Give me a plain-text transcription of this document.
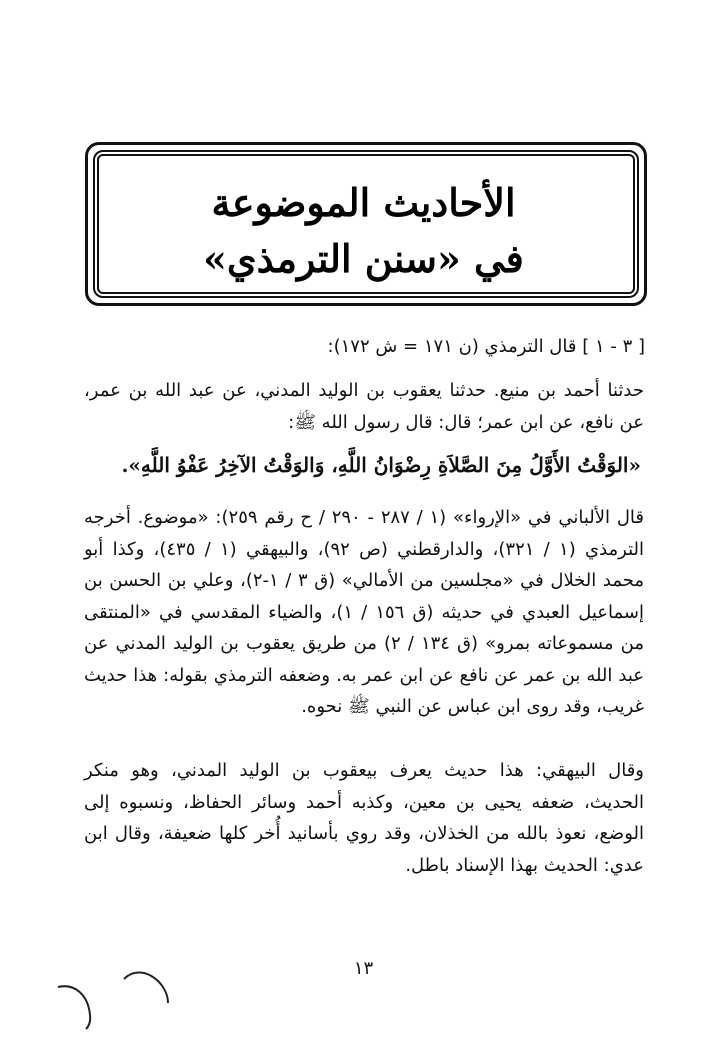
الأحاديث الموضوعة
في «سنن الترمذي»
[ ٣ - ١ ] قال الترمذي (ن ١٧١ = ش ١٧٢):
حدثنا أحمد بن منيع. حدثنا يعقوب بن الوليد المدني، عن عبد الله بن عمر، عن نافع، عن ابن عمر؛ قال: قال رسول الله ﷺ:
«الوَقْتُ الأَوَّلُ مِنَ الصَّلاَةِ رِضْوَانُ اللَّهِ، وَالوَقْتُ الآخِرُ عَفْوُ اللَّهِ».
قال الألباني في «الإرواء» (١ / ٢٨٧ - ٢٩٠ / ح رقم ٢٥٩): «موضوع. أخرجه الترمذي (١ / ٣٢١)، والدارقطني (ص ٩٢)، والبيهقي (١ / ٤٣٥)، وكذا أبو محمد الخلال في «مجلسين من الأمالي» (ق ٣ / ١-٢)، وعلي بن الحسن بن إسماعيل العبدي في حديثه (ق ١٥٦ / ١)، والضياء المقدسي في «المنتقى من مسموعاته بمرو» (ق ١٣٤ / ٢) من طريق يعقوب بن الوليد المدني عن عبد الله بن عمر عن نافع عن ابن عمر به. وضعفه الترمذي بقوله: هذا حديث غريب، وقد روى ابن عباس عن النبي ﷺ نحوه.
وقال البيهقي: هذا حديث يعرف بيعقوب بن الوليد المدني، وهو منكر الحديث، ضعفه يحيى بن معين، وكذبه أحمد وسائر الحفاظ، ونسبوه إلى الوضع، نعوذ بالله من الخذلان، وقد روي بأسانيد أُخر كلها ضعيفة، وقال ابن عدي: الحديث بهذا الإسناد باطل.
١٣
